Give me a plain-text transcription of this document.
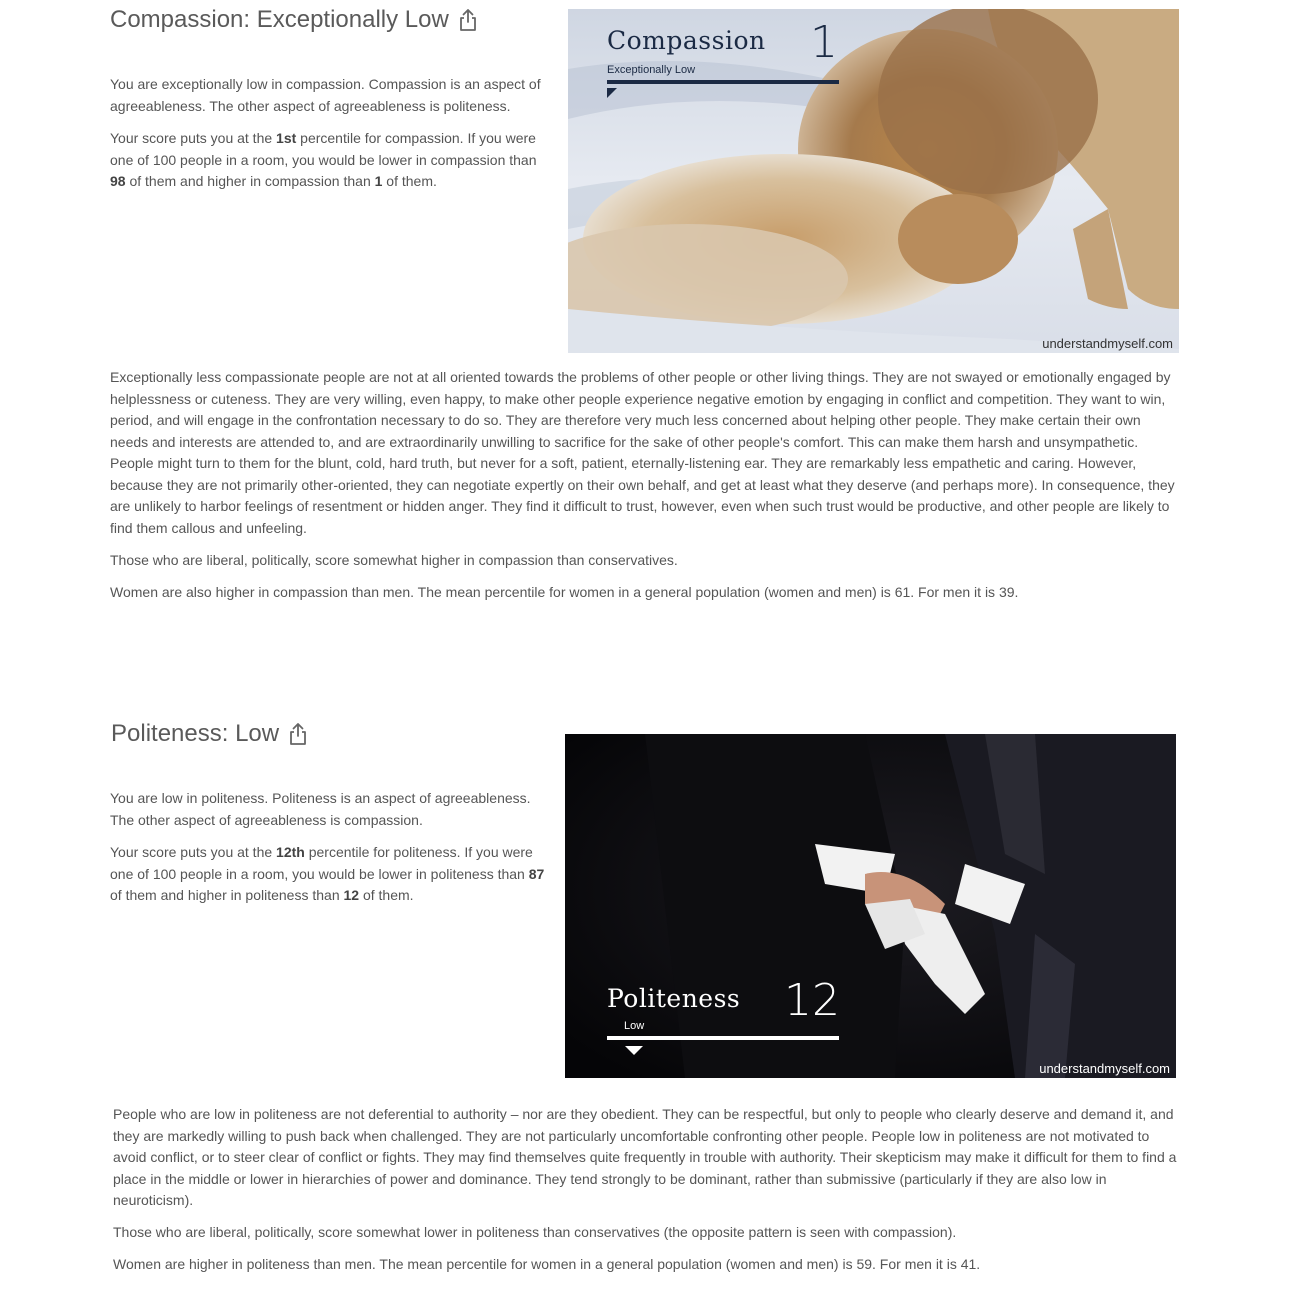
Compassion: Exceptionally Low

You are exceptionally low in compassion. Compassion is an aspect of agreeableness. The other aspect of agreeableness is politeness.

Your score puts you at the 1st percentile for compassion. If you were one of 100 people in a room, you would be lower in compassion than 98 of them and higher in compassion than 1 of them.

Compassion 1
Exceptionally Low
understandmyself.com

Exceptionally less compassionate people are not at all oriented towards the problems of other people or other living things. They are not swayed or emotionally engaged by helplessness or cuteness. They are very willing, even happy, to make other people experience negative emotion by engaging in conflict and competition. They want to win, period, and will engage in the confrontation necessary to do so. They are therefore very much less concerned about helping other people. They make certain their own needs and interests are attended to, and are extraordinarily unwilling to sacrifice for the sake of other people's comfort. This can make them harsh and unsympathetic. People might turn to them for the blunt, cold, hard truth, but never for a soft, patient, eternally-listening ear. They are remarkably less empathetic and caring. However, because they are not primarily other-oriented, they can negotiate expertly on their own behalf, and get at least what they deserve (and perhaps more). In consequence, they are unlikely to harbor feelings of resentment or hidden anger. They find it difficult to trust, however, even when such trust would be productive, and other people are likely to find them callous and unfeeling.

Those who are liberal, politically, score somewhat higher in compassion than conservatives.

Women are also higher in compassion than men. The mean percentile for women in a general population (women and men) is 61. For men it is 39.

Politeness: Low

You are low in politeness. Politeness is an aspect of agreeableness. The other aspect of agreeableness is compassion.

Your score puts you at the 12th percentile for politeness. If you were one of 100 people in a room, you would be lower in politeness than 87 of them and higher in politeness than 12 of them.

Politeness 12
Low
understandmyself.com

People who are low in politeness are not deferential to authority – nor are they obedient. They can be respectful, but only to people who clearly deserve and demand it, and they are markedly willing to push back when challenged. They are not particularly uncomfortable confronting other people. People low in politeness are not motivated to avoid conflict, or to steer clear of conflict or fights. They may find themselves quite frequently in trouble with authority. Their skepticism may make it difficult for them to find a place in the middle or lower in hierarchies of power and dominance. They tend strongly to be dominant, rather than submissive (particularly if they are also low in neuroticism).

Those who are liberal, politically, score somewhat lower in politeness than conservatives (the opposite pattern is seen with compassion).

Women are higher in politeness than men. The mean percentile for women in a general population (women and men) is 59. For men it is 41.
